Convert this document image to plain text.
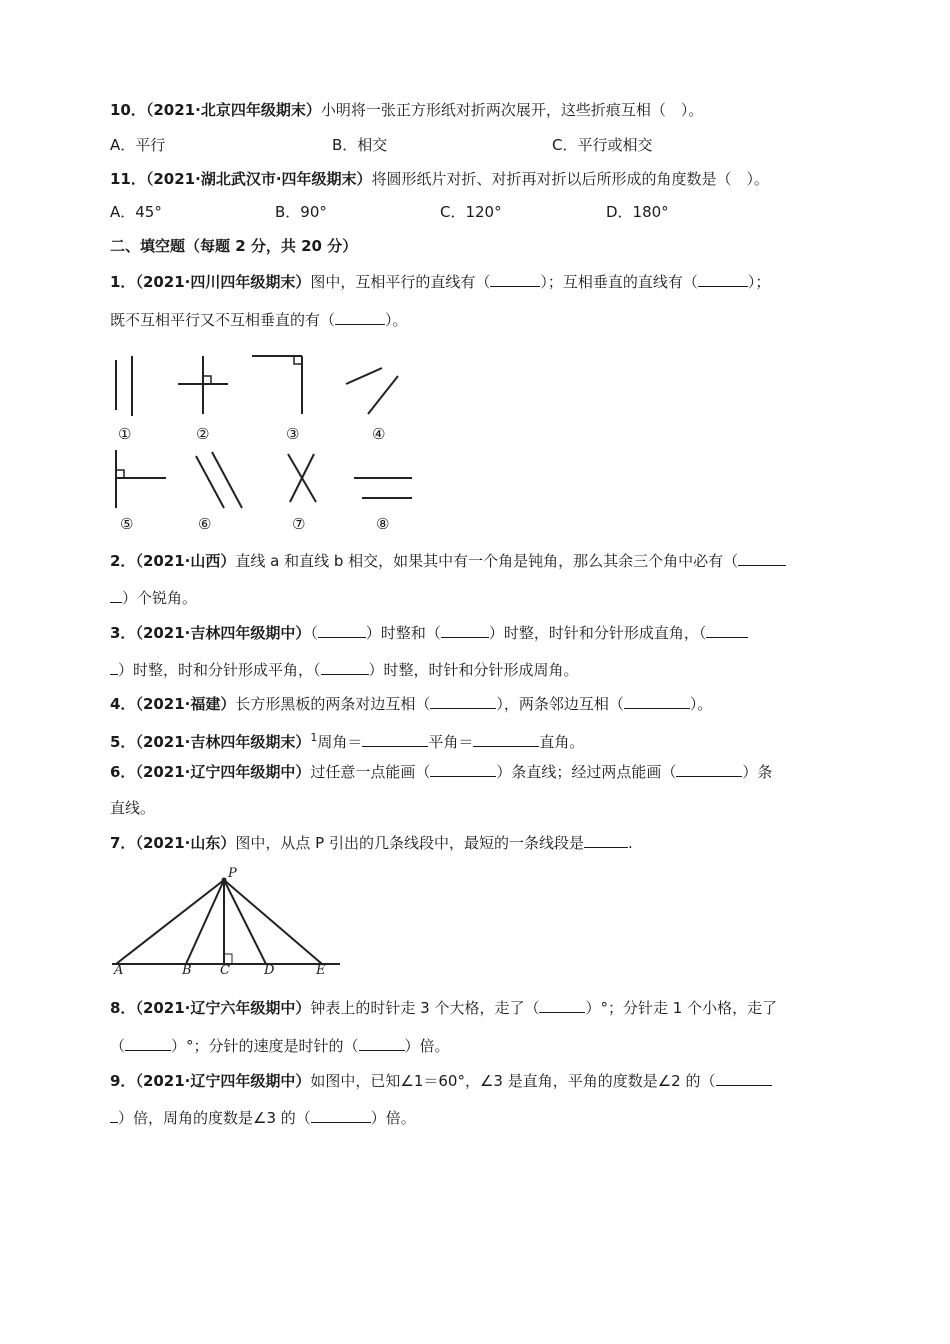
10．（2021·北京四年级期末）小明将一张正方形纸对折两次展开，这些折痕互相（　）。
A．平行	B．相交	C．平行或相交
11．（2021·湖北武汉市·四年级期末）将圆形纸片对折、对折再对折以后所形成的角度数是（　）。
A．45°	B．90°	C．120°	D．180°
二、填空题（每题 2 分，共 20 分）
1．（2021·四川四年级期末）图中，互相平行的直线有（	）；互相垂直的直线有（	）；
既不互相平行又不互相垂直的有（	）。
①	②	③	④
⑤	⑥	⑦	⑧
2．（2021·山西）直线 a 和直线 b 相交，如果其中有一个角是钝角，那么其余三个角中必有（
）个锐角。
3．（2021·吉林四年级期中）（	）时整和（	）时整，时针和分针形成直角，（
）时整，时和分针形成平角，（	）时整，时针和分针形成周角。
4．（2021·福建）长方形黑板的两条对边互相（	），两条邻边互相（	）。
5．（2021·吉林四年级期末）$^1$周角＝	平角＝	直角。
6．（2021·辽宁四年级期中）过任意一点能画（	）条直线；经过两点能画（	）条
直线。
7．（2021·山东）图中，从点 P 引出的几条线段中，最短的一条线段是	.
P
A	B C	D	E
8．（2021·辽宁六年级期中）钟表上的时针走 3 个大格，走了（	）°；分针走 1 个小格，走了
（	）°；分针的速度是时针的（	）倍。
9．（2021·辽宁四年级期中）如图中，已知∠1＝60°，∠3 是直角，平角的度数是∠2 的（
）倍，周角的度数是∠3 的（	）倍。
